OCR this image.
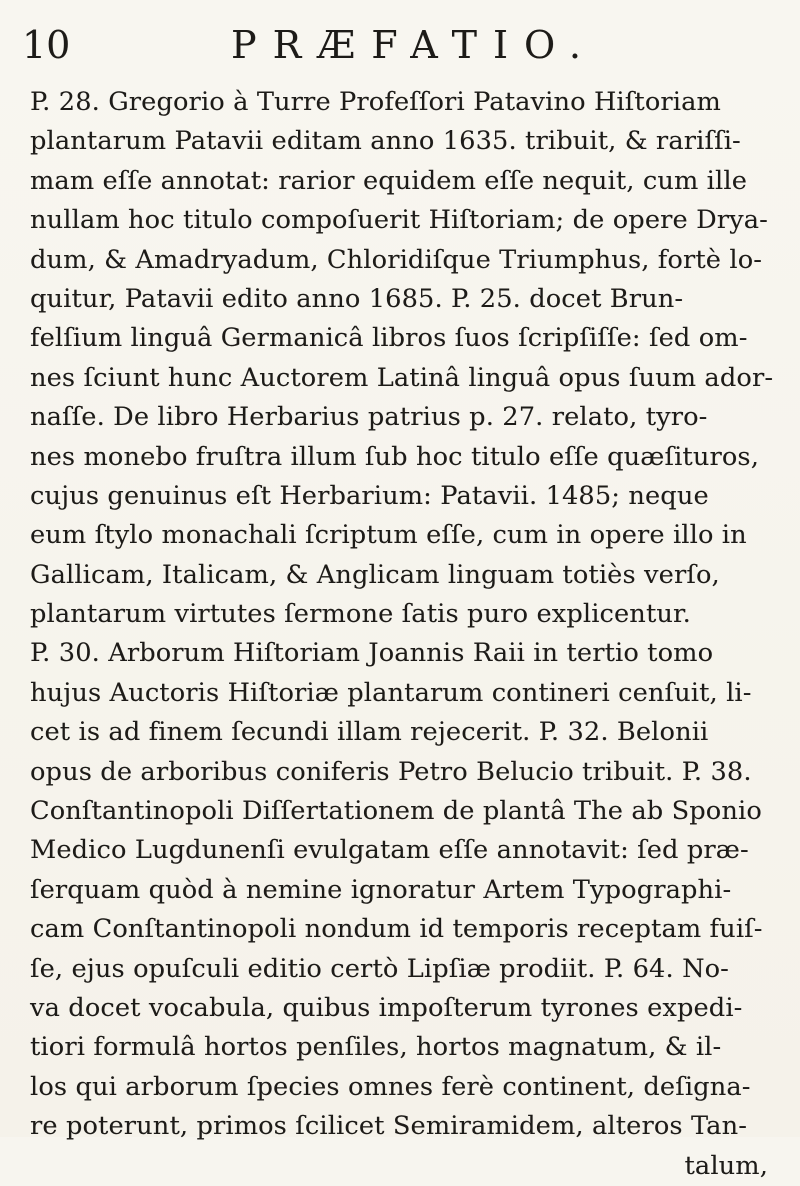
10	PRÆFATIO.
P. 28. Gregorio à Turre Profeſſori Patavino Hiſtoriam
plantarum Patavii editam anno 1635. tribuit, & rariſſi-
mam eſſe annotat: rarior equidem eſſe nequit, cum ille
nullam hoc titulo compoſuerit Hiſtoriam; de opere Drya-
dum, & Amadryadum, Chloridiſque Triumphus, fortè lo-
quitur, Patavii edito anno 1685. P. 25. docet Brun-
felſium linguâ Germanicâ libros ſuos ſcripſiſſe: ſed om-
nes ſciunt hunc Auctorem Latinâ linguâ opus ſuum ador-
naſſe. De libro Herbarius patrius p. 27. relato, tyro-
nes monebo fruſtra illum ſub hoc titulo eſſe quæſituros,
cujus genuinus eſt Herbarium: Patavii. 1485; neque
eum ſtylo monachali ſcriptum eſſe, cum in opere illo in
Gallicam, Italicam, & Anglicam linguam totiès verſo,
plantarum virtutes ſermone ſatis puro explicentur.
P. 30. Arborum Hiſtoriam Joannis Raii in tertio tomo
hujus Auctoris Hiſtoriæ plantarum contineri cenſuit, li-
cet is ad finem ſecundi illam rejecerit. P. 32. Belonii
opus de arboribus coniferis Petro Belucio tribuit. P. 38.
Conſtantinopoli Diſſertationem de plantâ The ab Sponio
Medico Lugdunenſi evulgatam eſſe annotavit: ſed præ-
ſerquam quòd à nemine ignoratur Artem Typographi-
cam Conſtantinopoli nondum id temporis receptam fuiſ-
ſe, ejus opuſculi editio certò Lipſiæ prodiit. P. 64. No-
va docet vocabula, quibus impoſterum tyrones expedi-
tiori formulâ hortos penſiles, hortos magnatum, & il-
los qui arborum ſpecies omnes ferè continent, deſigna-
re poterunt, primos ſcilicet Semiramidem, alteros Tan-
talum,
